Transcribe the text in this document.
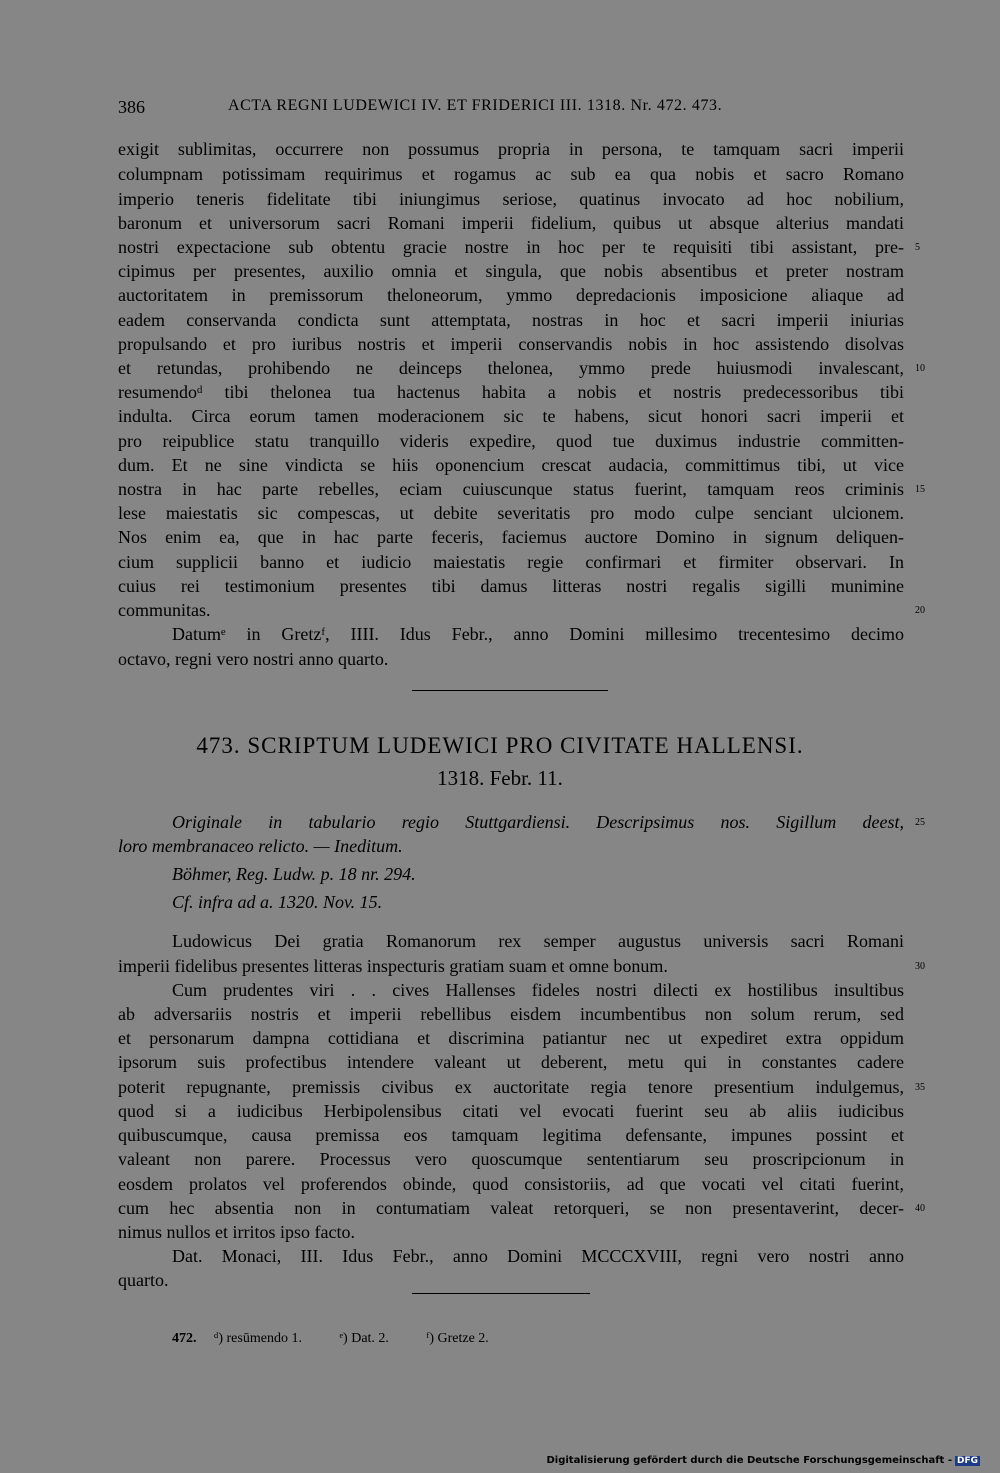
386	ACTA REGNI LUDEWICI IV. ET FRIDERICI III. 1318. Nr. 472. 473.
exigit sublimitas, occurrere non possumus propria in persona, te tamquam sacri imperii
columpnam potissimam requirimus et rogamus ac sub ea qua nobis et sacro Romano
imperio teneris fidelitate tibi iniungimus seriose, quatinus invocato ad hoc nobilium,
baronum et universorum sacri Romani imperii fidelium, quibus ut absque alterius mandati
nostri expectacione sub obtentu gracie nostre in hoc per te requisiti tibi assistant, pre-
cipimus per presentes, auxilio omnia et singula, que nobis absentibus et preter nostram
auctoritatem in premissorum theloneorum, ymmo depredacionis imposicione aliaque ad
eadem conservanda condicta sunt attemptata, nostras in hoc et sacri imperii iniurias
propulsando et pro iuribus nostris et imperii conservandis nobis in hoc assistendo disolvas
et retundas, prohibendo ne deinceps thelonea, ymmo prede huiusmodi invalescant,
resumendoᵈ tibi thelonea tua hactenus habita a nobis et nostris predecessoribus tibi
indulta. Circa eorum tamen moderacionem sic te habens, sicut honori sacri imperii et
pro reipublice statu tranquillo videris expedire, quod tue duximus industrie committen-
dum. Et ne sine vindicta se hiis oponencium crescat audacia, committimus tibi, ut vice
nostra in hac parte rebelles, eciam cuiuscunque status fuerint, tamquam reos criminis
lese maiestatis sic compescas, ut debite severitatis pro modo culpe senciant ulcionem.
Nos enim ea, que in hac parte feceris, faciemus auctore Domino in signum deliquen-
cium supplicii banno et iudicio maiestatis regie confirmari et firmiter observari. In
cuius rei testimonium presentes tibi damus litteras nostri regalis sigilli munimine
communitas.
Datumᵉ in Gretzᶠ, IIII. Idus Febr., anno Domini millesimo trecentesimo decimo
octavo, regni vero nostri anno quarto.
473. SCRIPTUM LUDEWICI PRO CIVITATE HALLENSI.
1318. Febr. 11.
Originale in tabulario regio Stuttgardiensi. Descripsimus nos. Sigillum deest,
loro membranaceo relicto. — Ineditum.
Böhmer, Reg. Ludw. p. 18 nr. 294.
Cf. infra ad a. 1320. Nov. 15.
Ludowicus Dei gratia Romanorum rex semper augustus universis sacri Romani
imperii fidelibus presentes litteras inspecturis gratiam suam et omne bonum.
Cum prudentes viri . . cives Hallenses fideles nostri dilecti ex hostilibus insultibus
ab adversariis nostris et imperii rebellibus eisdem incumbentibus non solum rerum, sed
et personarum dampna cottidiana et discrimina patiantur nec ut expediret extra oppidum
ipsorum suis profectibus intendere valeant ut deberent, metu qui in constantes cadere
poterit repugnante, premissis civibus ex auctoritate regia tenore presentium indulgemus,
quod si a iudicibus Herbipolensibus citati vel evocati fuerint seu ab aliis iudicibus
quibuscumque, causa premissa eos tamquam legitima defensante, impunes possint et
valeant non parere. Processus vero quoscumque sententiarum seu proscripcionum in
eosdem prolatos vel proferendos obinde, quod consistoriis, ad que vocati vel citati fuerint,
cum hec absentia non in contumatiam valeat retorqueri, se non presentaverint, decer-
nimus nullos et irritos ipso facto.
Dat. Monaci, III. Idus Febr., anno Domini MCCCXVIII, regni vero nostri anno
quarto.
5
10
15
20
25
30
35
40
472. ᵈ) resūmendo 1.	ᵉ) Dat. 2.	ᶠ) Gretze 2.
Digitalisierung gefördert durch die Deutsche Forschungsgemeinschaft - DFG
